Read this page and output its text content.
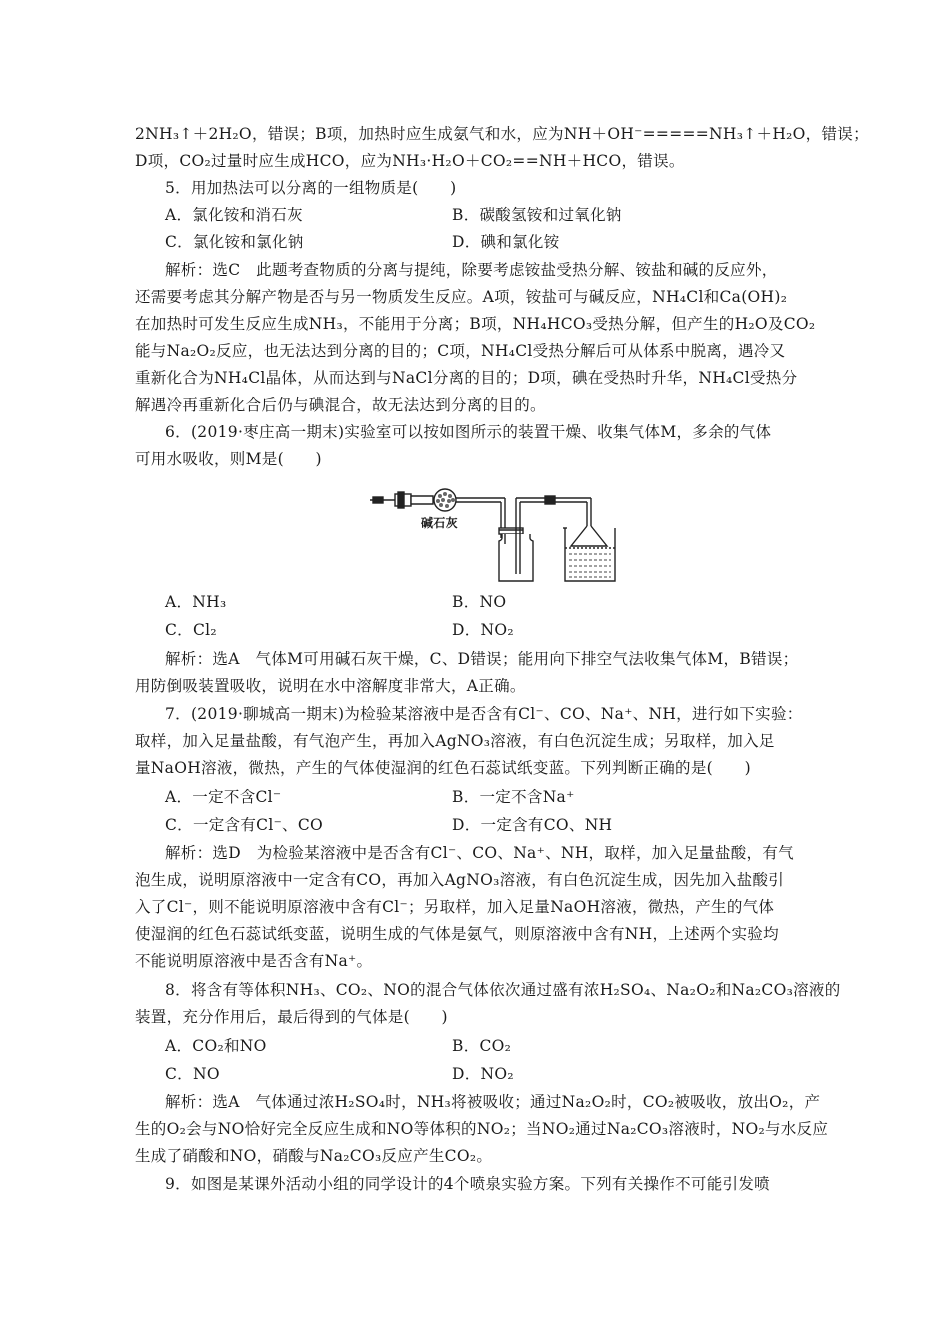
2NH₃↑＋2H₂O，错误；B项，加热时应生成氨气和水，应为NH＋OH⁻=====NH₃↑＋H₂O，错误；
D项，CO₂过量时应生成HCO，应为NH₃·H₂O＋CO₂==NH＋HCO，错误。
5．用加热法可以分离的一组物质是(　　)
A．氯化铵和消石灰	B．碳酸氢铵和过氧化钠
C．氯化铵和氯化钠	D．碘和氯化铵
解析：选C　此题考查物质的分离与提纯，除要考虑铵盐受热分解、铵盐和碱的反应外，
还需要考虑其分解产物是否与另一物质发生反应。A项，铵盐可与碱反应，NH₄Cl和Ca(OH)₂
在加热时可发生反应生成NH₃，不能用于分离；B项，NH₄HCO₃受热分解，但产生的H₂O及CO₂
能与Na₂O₂反应，也无法达到分离的目的；C项，NH₄Cl受热分解后可从体系中脱离，遇冷又
重新化合为NH₄Cl晶体，从而达到与NaCl分离的目的；D项，碘在受热时升华，NH₄Cl受热分
解遇冷再重新化合后仍与碘混合，故无法达到分离的目的。
6．(2019·枣庄高一期末)实验室可以按如图所示的装置干燥、收集气体M，多余的气体
可用水吸收，则M是(　　)
碱石灰
A．NH₃	B．NO
C．Cl₂	D．NO₂
解析：选A　气体M可用碱石灰干燥，C、D错误；能用向下排空气法收集气体M，B错误；
用防倒吸装置吸收，说明在水中溶解度非常大，A正确。
7．(2019·聊城高一期末)为检验某溶液中是否含有Cl⁻、CO、Na⁺、NH，进行如下实验：
取样，加入足量盐酸，有气泡产生，再加入AgNO₃溶液，有白色沉淀生成；另取样，加入足
量NaOH溶液，微热，产生的气体使湿润的红色石蕊试纸变蓝。下列判断正确的是(　　)
A．一定不含Cl⁻	B．一定不含Na⁺
C．一定含有Cl⁻、CO	D．一定含有CO、NH
解析：选D　为检验某溶液中是否含有Cl⁻、CO、Na⁺、NH，取样，加入足量盐酸，有气
泡生成，说明原溶液中一定含有CO，再加入AgNO₃溶液，有白色沉淀生成，因先加入盐酸引
入了Cl⁻，则不能说明原溶液中含有Cl⁻；另取样，加入足量NaOH溶液，微热，产生的气体
使湿润的红色石蕊试纸变蓝，说明生成的气体是氨气，则原溶液中含有NH，上述两个实验均
不能说明原溶液中是否含有Na⁺。
8．将含有等体积NH₃、CO₂、NO的混合气体依次通过盛有浓H₂SO₄、Na₂O₂和Na₂CO₃溶液的
装置，充分作用后，最后得到的气体是(　　)
A．CO₂和NO	B．CO₂
C．NO	D．NO₂
解析：选A　气体通过浓H₂SO₄时，NH₃将被吸收；通过Na₂O₂时，CO₂被吸收，放出O₂，产
生的O₂会与NO恰好完全反应生成和NO等体积的NO₂；当NO₂通过Na₂CO₃溶液时，NO₂与水反应
生成了硝酸和NO，硝酸与Na₂CO₃反应产生CO₂。
9．如图是某课外活动小组的同学设计的4个喷泉实验方案。下列有关操作不可能引发喷
